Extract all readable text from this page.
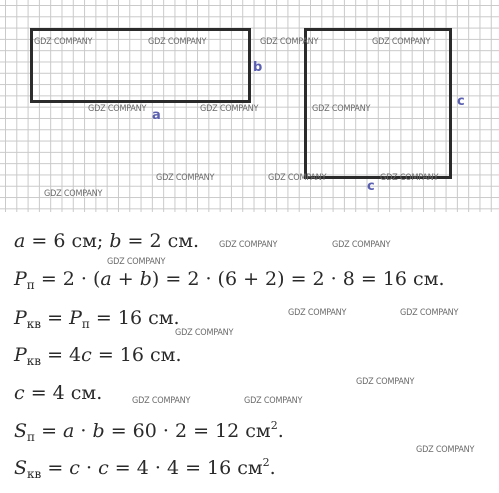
b
a
c
c
GDZ COMPANY	GDZ COMPANY	GDZ COMPANY	GDZ COMPANY
GDZ COMPANY	GDZ COMPANY	GDZ COMPANY
GDZ COMPANY	GDZ COMPANY	GDZ COMPANY
GDZ COMPANY
GDZ COMPANY	GDZ COMPANY
GDZ COMPANY
GDZ COMPANY
GDZ COMPANY	GDZ COMPANY
GDZ COMPANY
GDZ COMPANY	GDZ COMPANY
GDZ COMPANY
a = 6 см; b = 2 см.
$P_п = 2 \cdot (a + b) = 2 \cdot (6 + 2) = 2 \cdot 8 = 16$ см.
$P_{кв} = P_п = 16$ см.
$P_{кв} = 4c = 16$ см.
c = 4 см.
$S_п = a \cdot b = 60 \cdot 2 = 12$ $см^2$.
$S_{кв} = c \cdot c = 4 \cdot 4 = 16$ $см^2$.
